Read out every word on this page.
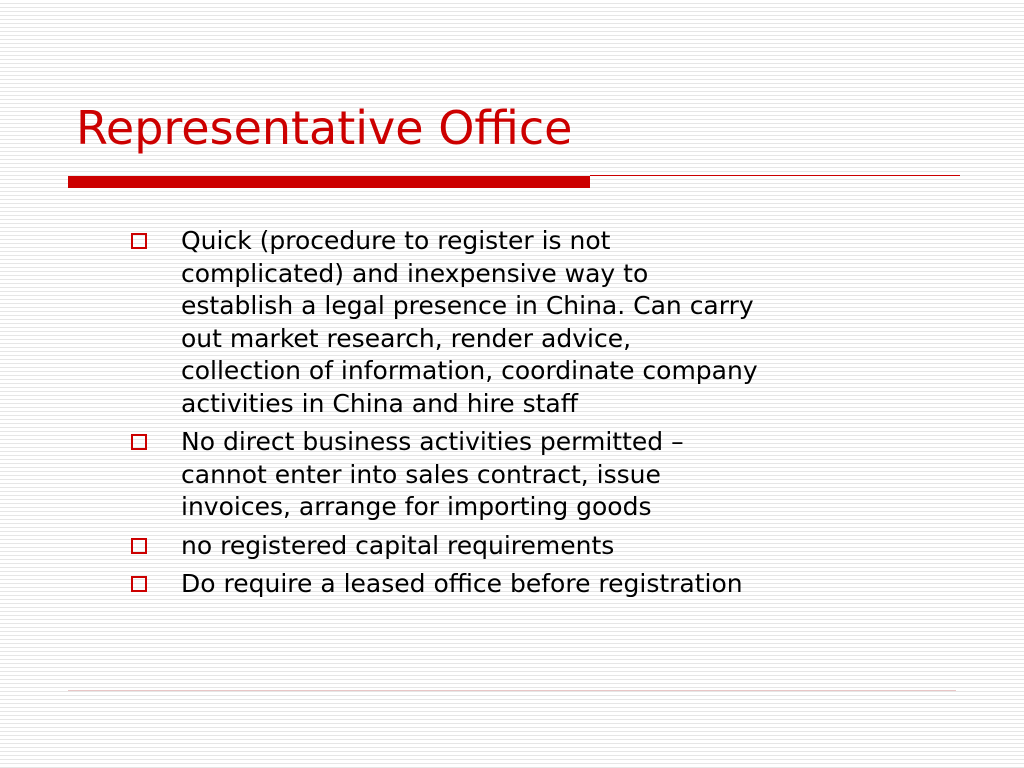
Representative Office
Quick (procedure to register is not
complicated) and inexpensive way to
establish a legal presence in China. Can carry
out market research, render advice,
collection of information, coordinate company
activities in China and hire staff
No direct business activities permitted –
cannot enter into sales contract, issue
invoices, arrange for importing goods
no registered capital requirements
Do require a leased office before registration
